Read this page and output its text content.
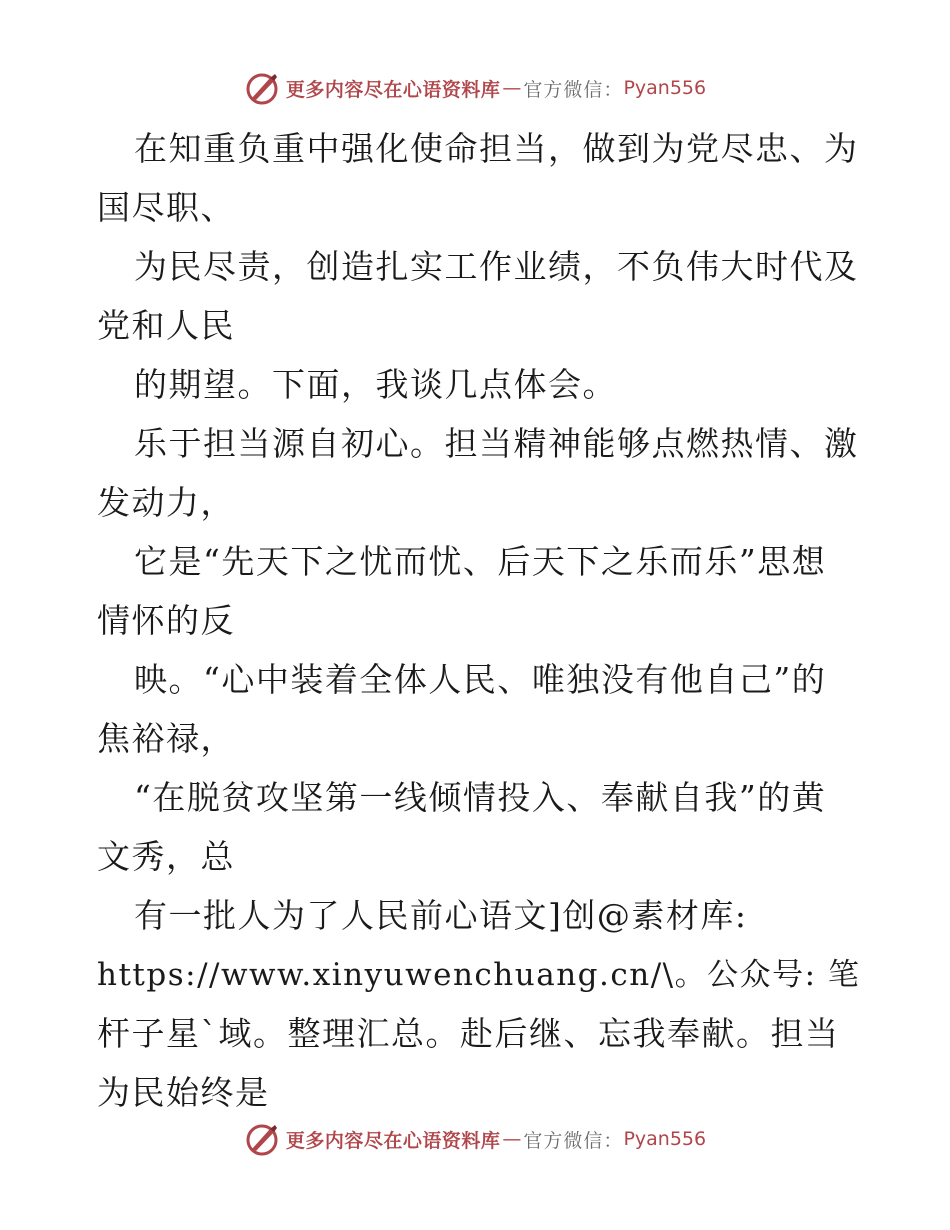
更多内容尽在心语资料库 — 官方微信： Pyan556
在知重负重中强化使命担当，做到为党尽忠、为
国尽职、
为民尽责，创造扎实工作业绩，不负伟大时代及
党和人民
的期望。下面，我谈几点体会。
乐于担当源自初心。担当精神能够点燃热情、激
发动力，
它是“先天下之忧而忧、后天下之乐而乐”思想
情怀的反
映。“心中装着全体人民、唯独没有他自己”的
焦裕禄，
“在脱贫攻坚第一线倾情投入、奉献自我”的黄
文秀，总
有一批人为了人民前心语文]创@素材库:
https://www.xinyuwenchuang.cn/\。公众号: 笔
杆子星`域。整理汇总。赴后继、忘我奉献。担当
为民始终是
更多内容尽在心语资料库 — 官方微信： Pyan556
